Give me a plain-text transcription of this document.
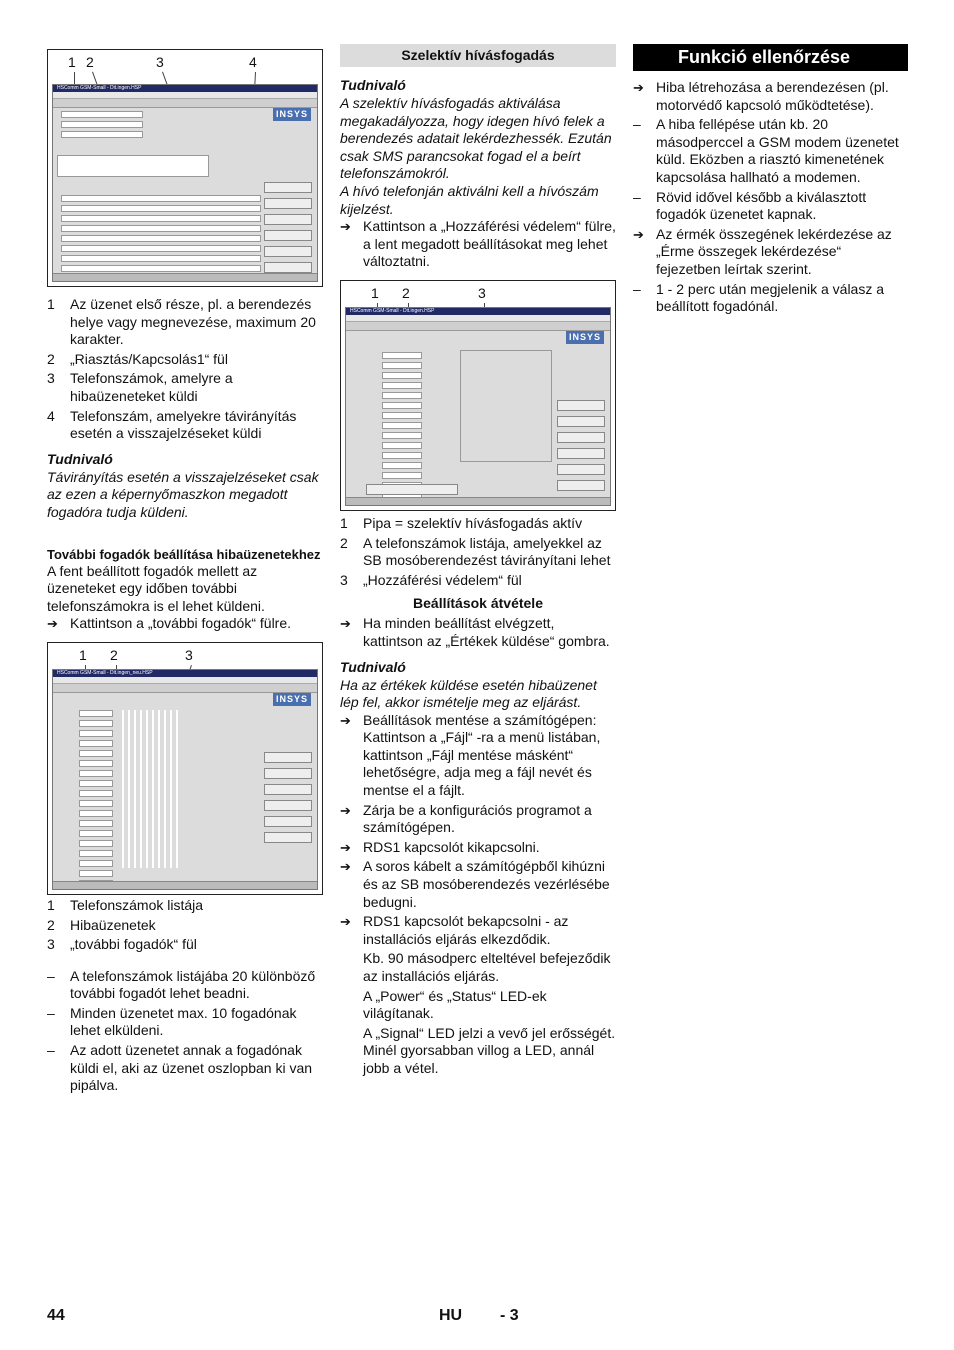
1 2	3	4
HSComm GSM-Small - Dit.ingen.HSP
INSYS
1 Az üzenet első része, pl. a berendezés helye vagy megnevezése, maximum 20 karakter.
2 „Riasztás/Kapcsolás1“ fül
3 Telefonszámok, amelyre a hibaüzeneteket küldi
4 Telefonszám, amelyekre távirányítás esetén a visszajelzéseket küldi

Tudnivaló

Távirányítás esetén a visszajelzéseket csak az ezen a képernyőmaszkon megadott fogadóra tudja küldeni.

További fogadók beállítása hibaüzenetekhez

A fent beállított fogadók mellett az üzeneteket egy időben további telefonszámokra is el lehet küldeni.

➔ Kattintson a „további fogadók“ fülre.
1 2	3
HSComm GSM-Small - Dit.ingen_neu.HSP
INSYS
1 Telefonszámok listája
2 Hibaüzenetek
3 „további fogadók“ fül
– A telefonszámok listájába 20 különböző további fogadót lehet beadni.
– Minden üzenetet max. 10 fogadónak lehet elküldeni.
– Az adott üzenetet annak a fogadónak küldi el, aki az üzenet oszlopban ki van pipálva.
Szelektív hívásfogadás

Tudnivaló

A szelektív hívásfogadás aktiválása megakadályozza, hogy idegen hívó felek a berendezés adatait lekérdezhessék. Ezután csak SMS parancsokat fogad el a beírt telefonszámokról.

A hívó telefonján aktiválni kell a hívószám kijelzést.

➔ Kattintson a „Hozzáférési védelem“ fülre, a lent megadott beállításokat meg lehet változtatni.
1 2	3
HSComm GSM-Small - Dit.ingen.HSP
INSYS
1 Pipa = szelektív hívásfogadás aktív
2 A telefonszámok listája, amelyekkel az SB mosóberendezést távirányítani lehet
3 „Hozzáférési védelem“ fül

Beállítások átvétele

➔ Ha minden beállítást elvégzett, kattintson az „Értékek küldése“ gombra.

Tudnivaló

Ha az értékek küldése esetén hibaüzenet lép fel, akkor ismételje meg az eljárást.

➔ Beállítások mentése a számítógépen: Kattintson a „Fájl“ -ra a menü listában, kattintson „Fájl mentése másként“ lehetőségre, adja meg a fájl nevét és mentse el a fájlt.
➔ Zárja be a konfigurációs programot a számítógépen.
➔ RDS1 kapcsolót kikapcsolni.
➔ A soros kábelt a számítógépből kihúzni és az SB mosóberendezés vezérlésébe bedugni.
➔ RDS1 kapcsolót bekapcsolni - az installációs eljárás elkezdődik.

Kb. 90 másodperc elteltével befejeződik az installációs eljárás.

A „Power“ és „Status“ LED-ek világítanak.

A „Signal“ LED jelzi a vevő jel erősségét. Minél gyorsabban villog a LED, annál jobb a vétel.

Funkció ellenőrzése
➔ Hiba létrehozása a berendezésen (pl. motorvédő kapcsoló működtetése).
– A hiba fellépése után kb. 20 másodperccel a GSM modem üzenetet küld. Eközben a riasztó kimenetének kapcsolása hallható a modemen.
– Rövid idővel később a kiválasztott fogadók üzenetet kapnak.
➔ Az érmék összegének lekérdezése az „Érme összegek lekérdezése“ fejezetben leírtak szerint.
– 1 - 2 perc után megjelenik a válasz a beállított fogadónál.
44	HU - 3
